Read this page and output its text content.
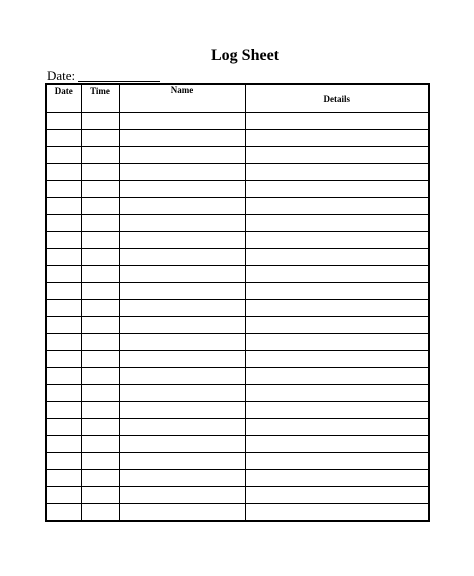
Log Sheet
Date:
Date	Time	Name	Details
